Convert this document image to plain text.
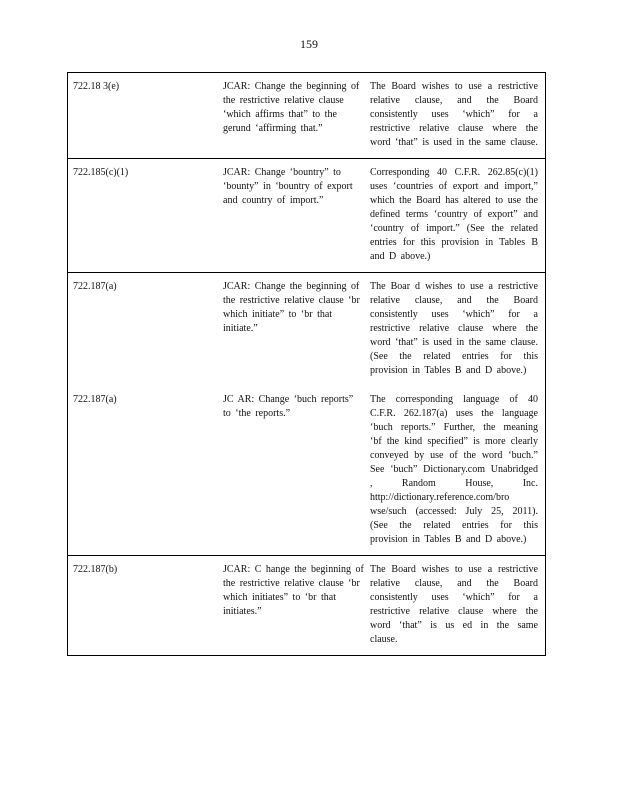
159
722.18 3(e)	JCAR: Change the beginning of the restrictive relative clause ‘which affirms that” to the gerund ‘affirming that.”	The Board wishes to use a restrictive relative clause, and the Board consistently uses ‘which” for a restrictive relative clause where the word ‘that” is used in the same clause.

722.185(c)(1)	JCAR: Change ‘bountry” to ‘bounty” in ‘bountry of export and country of import.”	Corresponding 40 C.F.R. 262.85(c)(1) uses ‘countries of export and import,” which the Board has altered to use the defined terms ‘country of export” and ‘country of import.” (See the related entries for this provision in Tables B and D above.)

722.187(a)	JCAR: Change the beginning of the restrictive relative clause ‘br which initiate” to ‘br that initiate.”	The Boar d wishes to use a restrictive relative clause, and the Board consistently uses ‘which” for a restrictive relative clause where the word ‘that” is used in the same clause. (See the related entries for this provision in Tables B and D above.)

722.187(a)	JC AR: Change ‘buch reports” to ‘the reports.”	The corresponding language of 40 C.F.R. 262.187(a) uses the language ‘buch reports.” Further, the meaning ‘bf the kind specified” is more clearly conveyed by use of the word ‘buch.” See ‘buch” Dictionary.com Unabridged , Random House, Inc. http://dictionary.reference.com/bro wse/such (accessed: July 25, 2011). (See the related entries for this provision in Tables B and D above.)

722.187(b)	JCAR: C hange the beginning of the restrictive relative clause ‘br which initiates” to ‘br that initiates.”	The Board wishes to use a restrictive relative clause, and the Board consistently uses ‘which” for a restrictive relative clause where the word ‘that” is us ed in the same clause.
